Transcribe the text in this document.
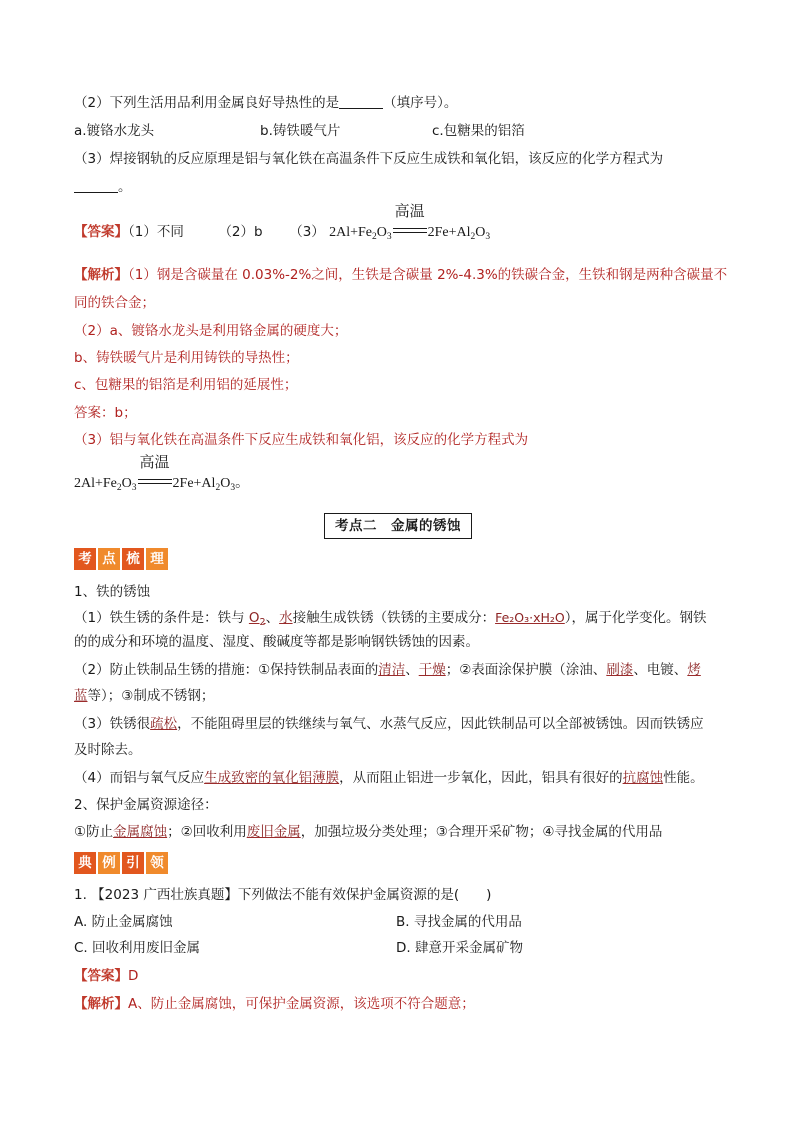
（2）下列生活用品利用金属良好导热性的是	（填序号）。
a.镀铬水龙头	b.铸铁暖气片	c.包糖果的铝箔
（3）焊接钢轨的反应原理是铝与氧化铁在高温条件下反应生成铁和氧化铝，该反应的化学方程式为
。
【答案】（1）不同	（2）b （3） $2Al+Fe_2O_3$
高温
$2Fe+Al_2O_3$
【解析】（1）钢是含碳量在 0.03%-2%之间，生铁是含碳量 2%-4.3%的铁碳合金，生铁和钢是两种含碳量不
同的铁合金；
（2）a、镀铬水龙头是利用铬金属的硬度大；
b、铸铁暖气片是利用铸铁的导热性；
c、包糖果的铝箔是利用铝的延展性；
答案：b；
（3）铝与氧化铁在高温条件下反应生成铁和氧化铝，该反应的化学方程式为
$2Al+Fe_2O_3$
高温
$2Fe+Al_2O_3$。
考点二　金属的锈蚀
考 点 梳 理
1、铁的锈蚀
（1）铁生锈的条件是：铁与 $O_2$、水接触生成铁锈（铁锈的主要成分：Fe₂O₃·xH₂O），属于化学变化。钢铁
的的成分和环境的温度、湿度、酸碱度等都是影响钢铁锈蚀的因素。
（2）防止铁制品生锈的措施：①保持铁制品表面的清洁、干燥；②表面涂保护膜（涂油、刷漆、电镀、烤
蓝等）；③制成不锈钢；
（3）铁锈很疏松，不能阻碍里层的铁继续与氧气、水蒸气反应，因此铁制品可以全部被锈蚀。因而铁锈应
及时除去。
（4）而铝与氧气反应生成致密的氧化铝薄膜，从而阻止铝进一步氧化，因此，铝具有很好的抗腐蚀性能。
2、保护金属资源途径：
①防止金属腐蚀；②回收利用废旧金属，加强垃圾分类处理；③合理开采矿物；④寻找金属的代用品
典 例 引 领
1. 【2023 广西壮族真题】下列做法不能有效保护金属资源的是(　　)
A. 防止金属腐蚀	B. 寻找金属的代用品
C. 回收利用废旧金属	D. 肆意开采金属矿物
【答案】D
【解析】A、防止金属腐蚀，可保护金属资源，该选项不符合题意；
